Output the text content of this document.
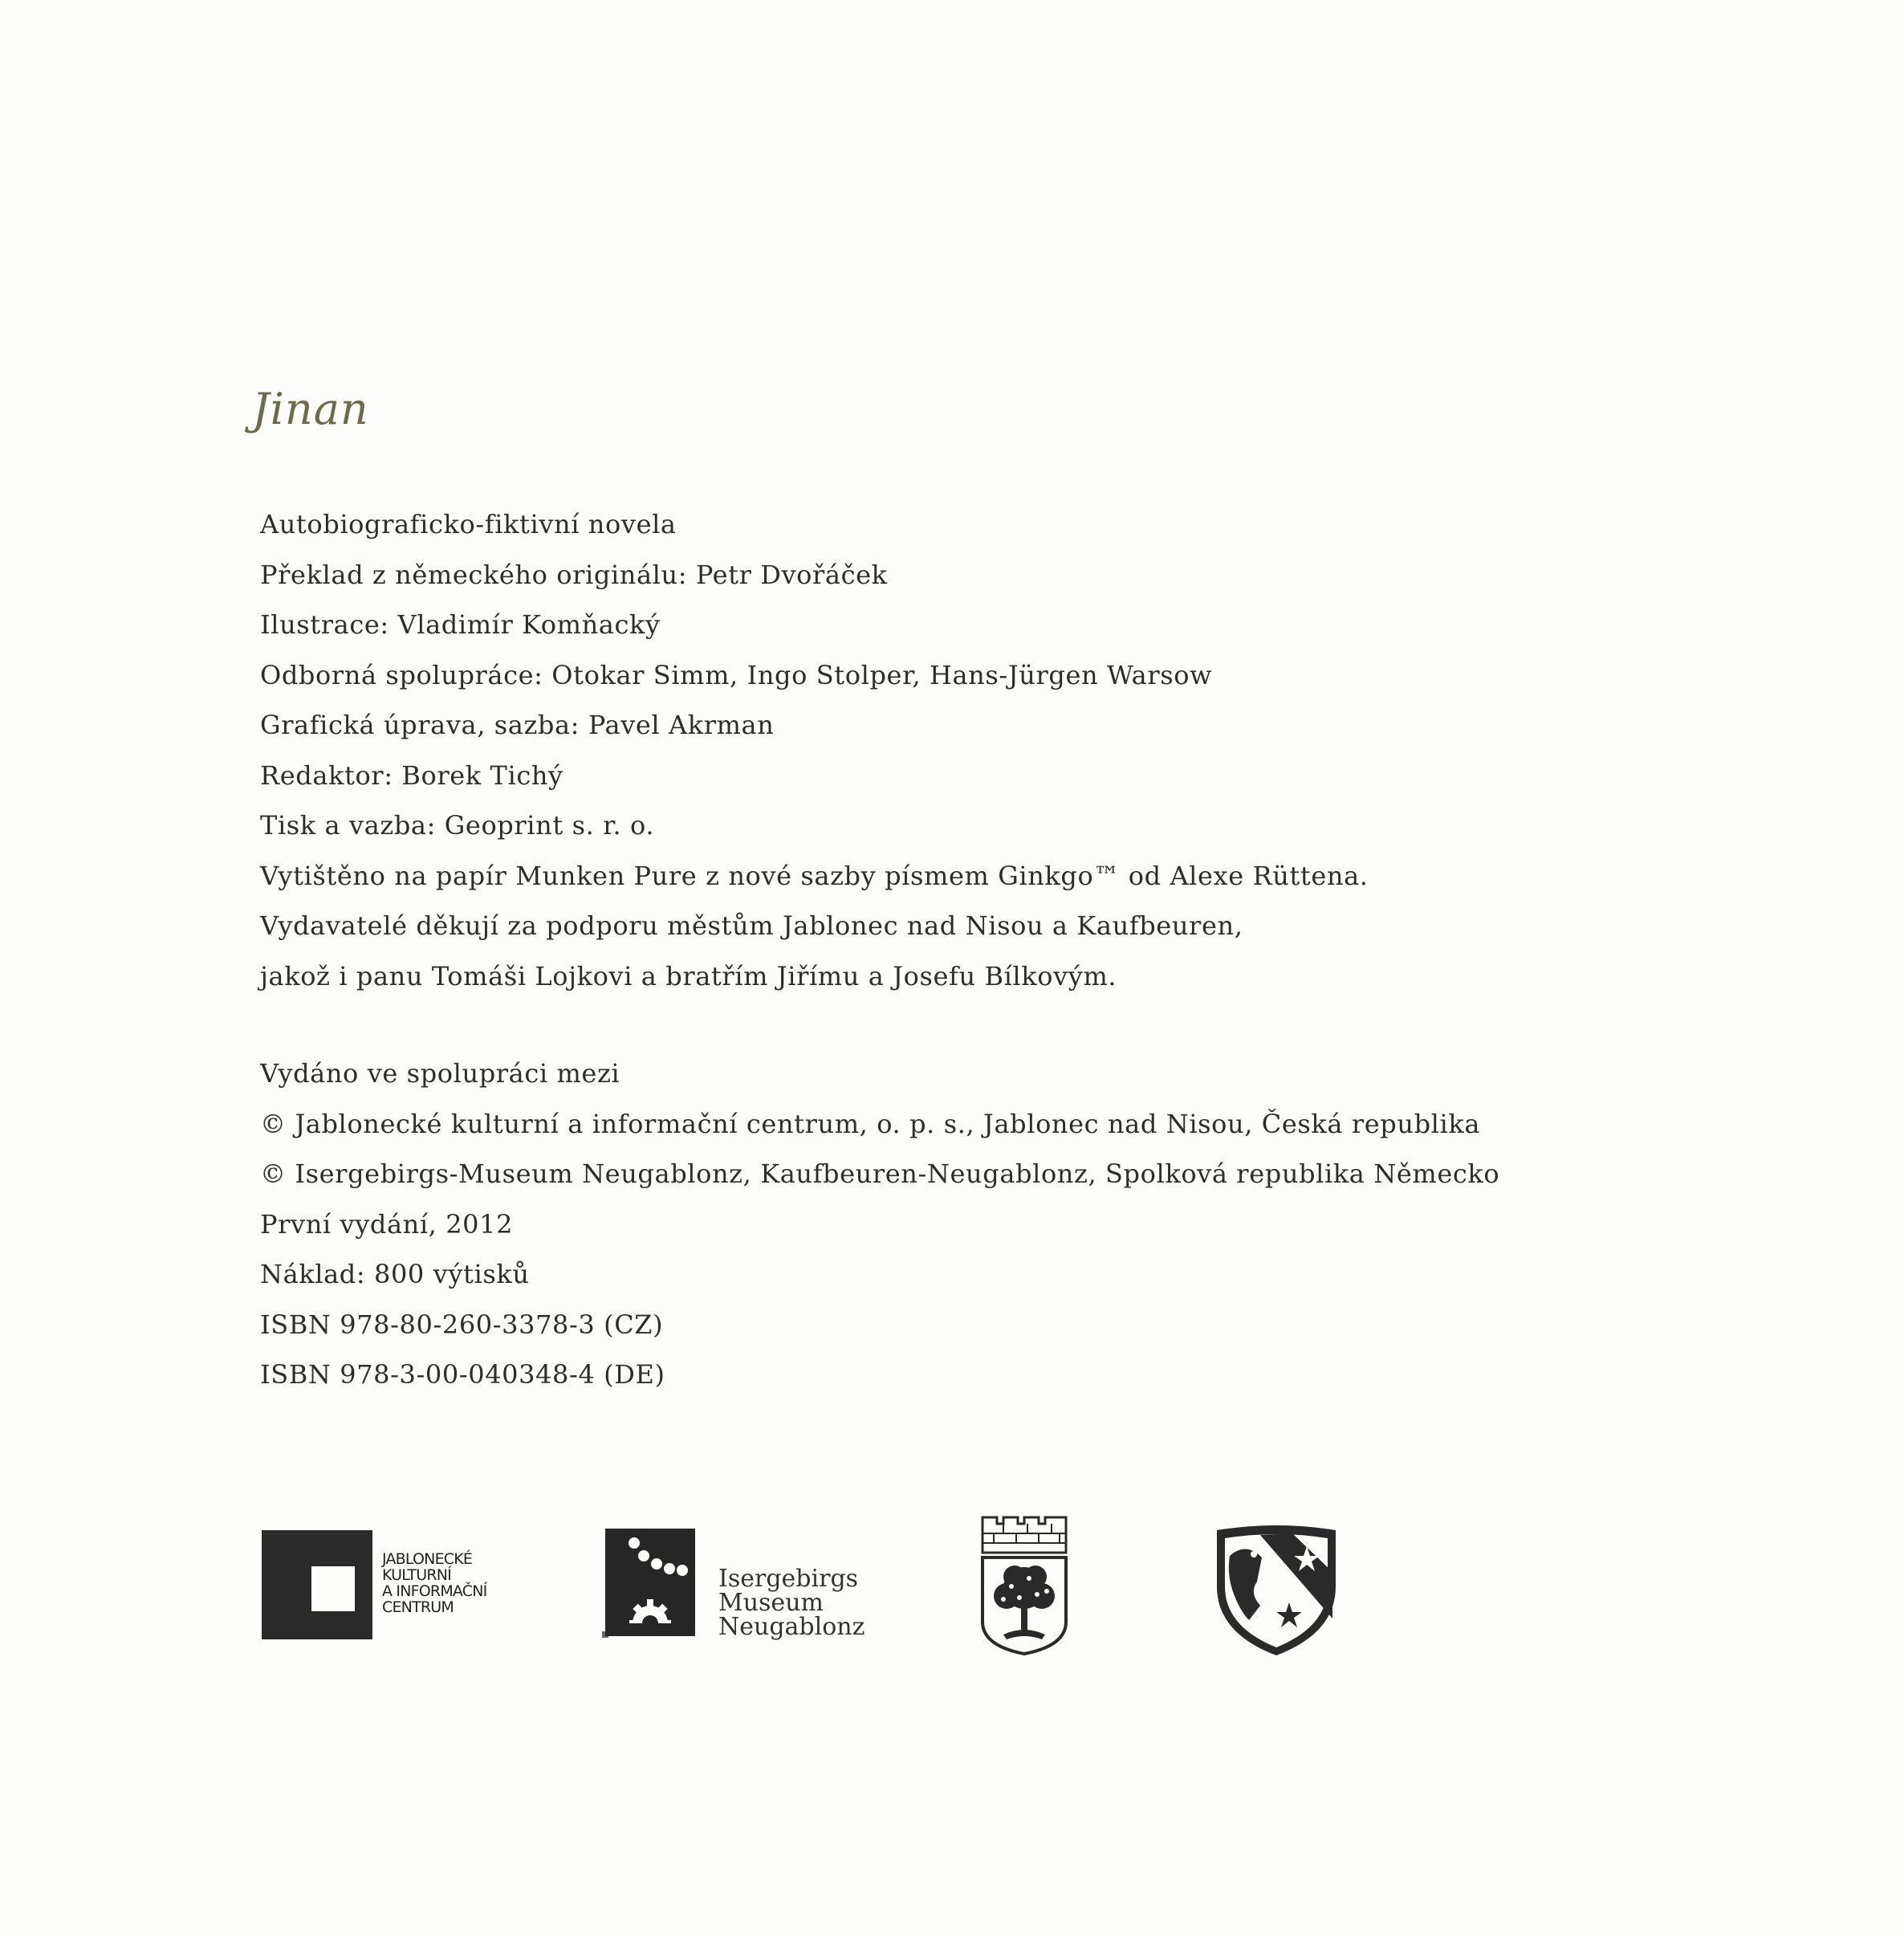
Jinan
Autobiograficko-fiktivní novela
Překlad z německého originálu: Petr Dvořáček
Ilustrace: Vladimír Komňacký
Odborná spolupráce: Otokar Simm, Ingo Stolper, Hans-Jürgen Warsow
Grafická úprava, sazba: Pavel Akrman
Redaktor: Borek Tichý
Tisk a vazba: Geoprint s. r. o.
Vytištěno na papír Munken Pure z nové sazby písmem Ginkgo™ od Alexe Rüttena.
Vydavatelé děkují za podporu městům Jablonec nad Nisou a Kaufbeuren,
jakož i panu Tomáši Lojkovi a bratřím Jiřímu a Josefu Bílkovým.
Vydáno ve spolupráci mezi
© Jablonecké kulturní a informační centrum, o. p. s., Jablonec nad Nisou, Česká republika
© Isergebirgs-Museum Neugablonz, Kaufbeuren-Neugablonz, Spolková republika Německo
První vydání, 2012
Náklad: 800 výtisků
ISBN 978-80-260-3378-3 (CZ)
ISBN 978-3-00-040348-4 (DE)
JABLONECKÉ
KULTURNÍ
A INFORMAČNÍ
CENTRUM
Isergebirgs
Museum
Neugablonz
